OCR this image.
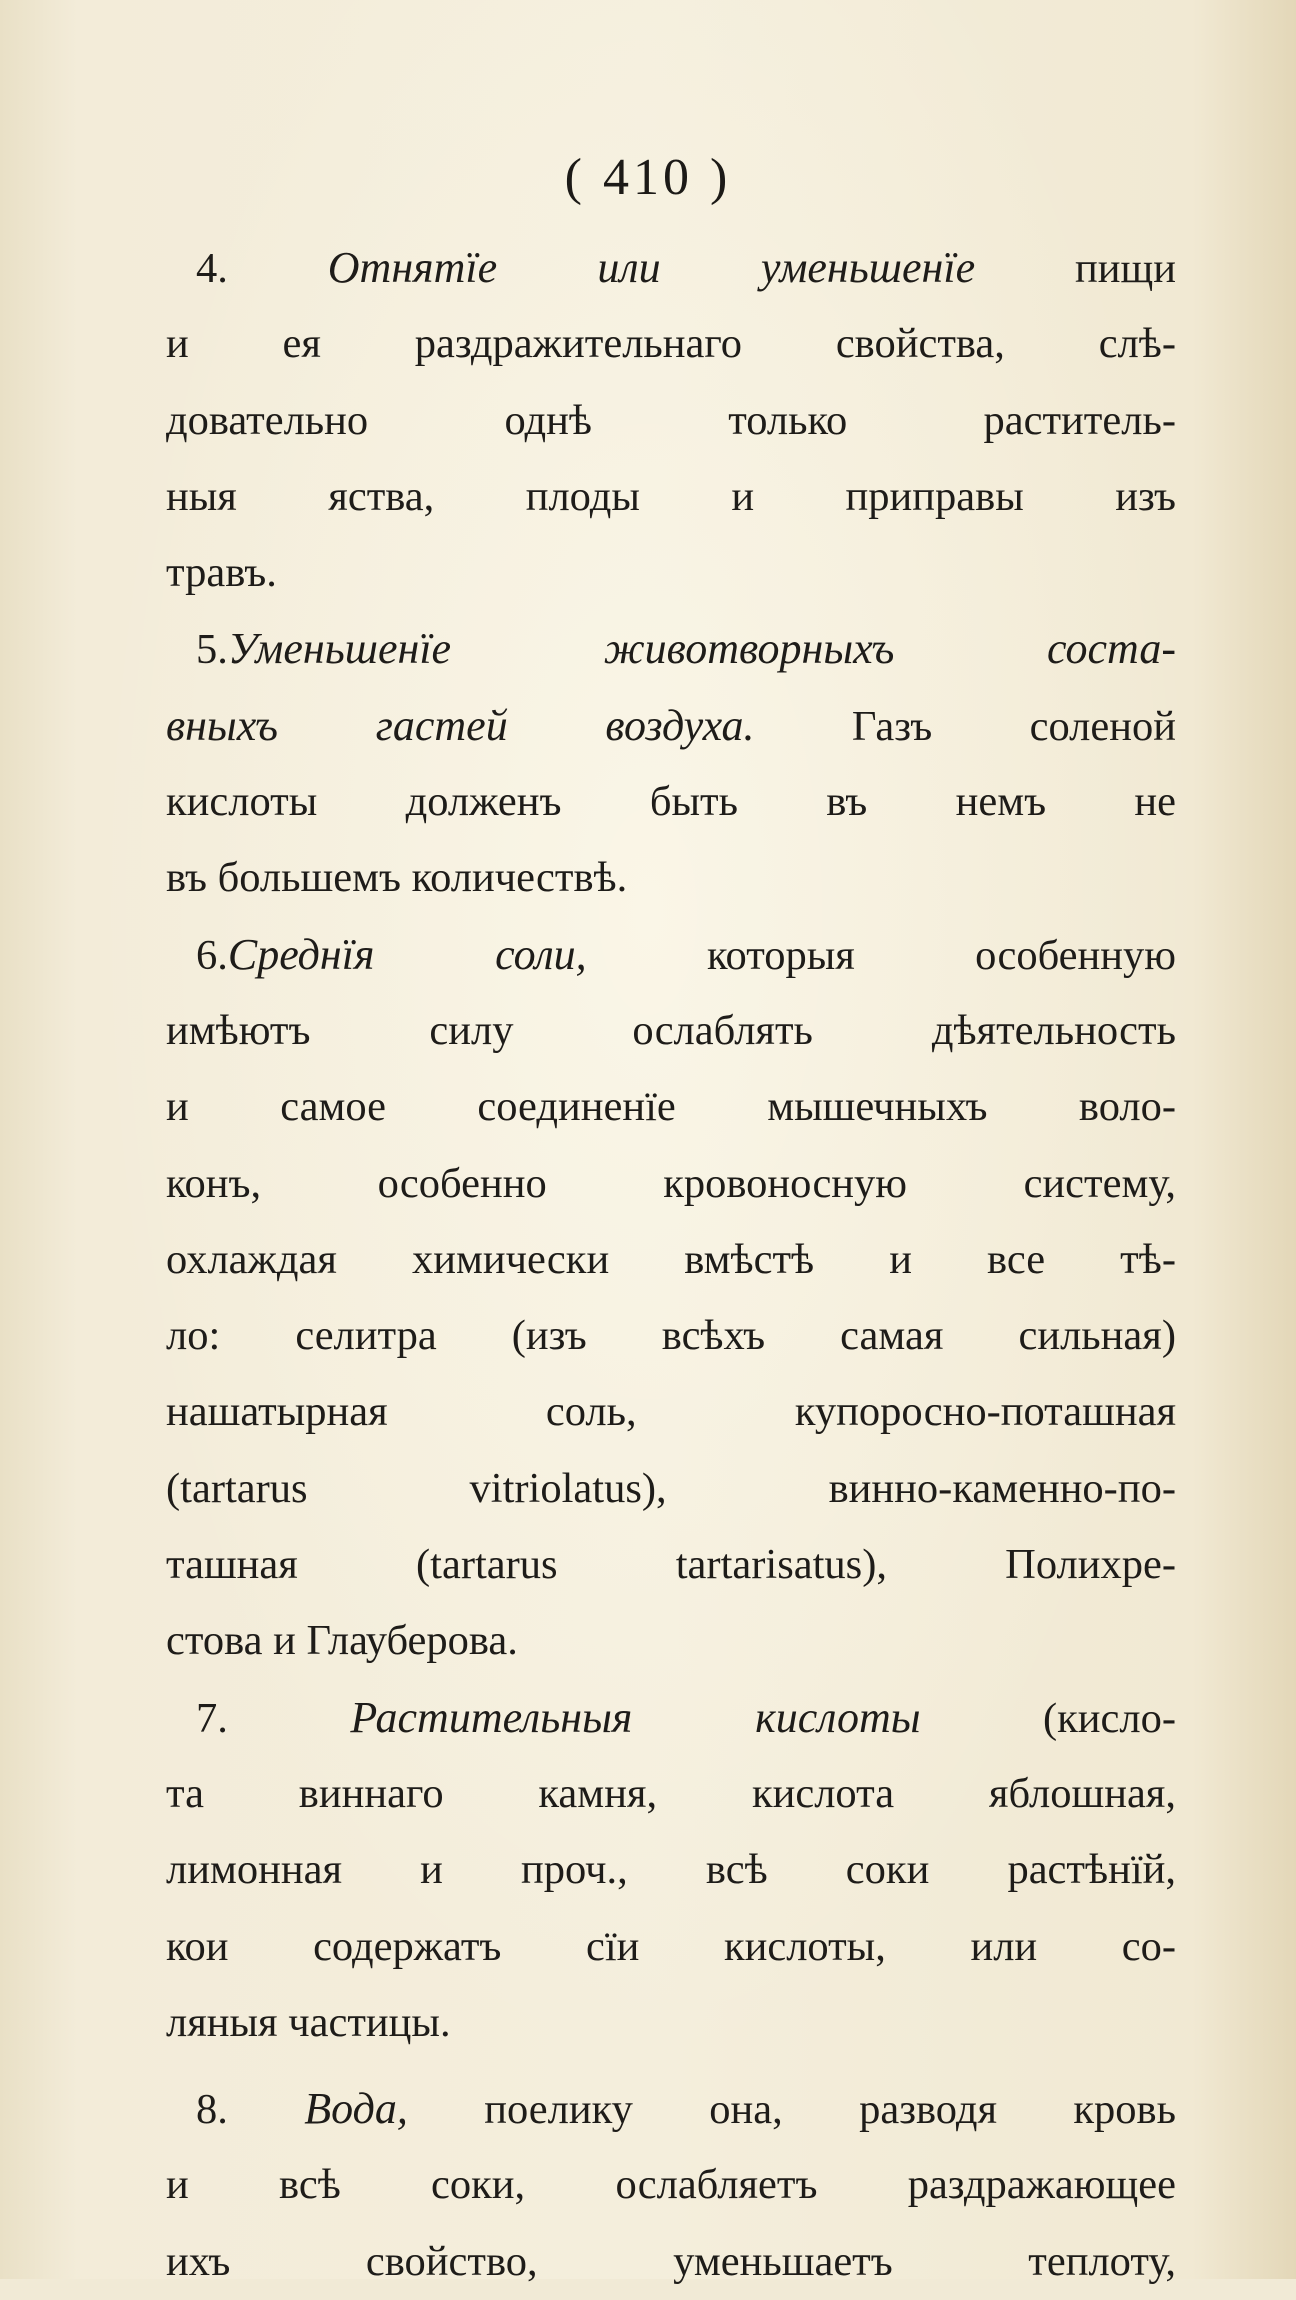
( 410 )
4. Отнятїе или уменьшенїе пищи
и ея раздражительнаго свойства, слѣ-
довательно однѣ только раститель-
ныя яства, плоды и приправы изъ
травъ.
5.Уменьшенїе животворныхъ соста-
вныхъ гастей воздуха. Газъ соленой
кислоты долженъ быть въ немъ не
въ большемъ количествѣ.
6.Среднїя соли, которыя особенную
имѣютъ силу ослаблять дѣятельность
и самое соединенїе мышечныхъ воло-
конъ, особенно кровоносную систему,
охлаждая химически вмѣстѣ и все тѣ-
ло: селитра (изъ всѣхъ самая сильная)
нашатырная соль, купоросно-поташная
(tartarus vitriolatus), винно-каменно-по-
ташная (tartarus tartarisatus), Полихре-
стова и Глауберова.
7.	Растительныя кислоты (кисло-
та виннаго камня, кислота яблошная,
лимонная и проч., всѣ соки растѣнїй,
кои содержатъ сїи кислоты, или со-
ляныя частицы.
8. Вода, поелику она, разводя кровь
и всѣ соки, ослабляетъ раздражающее
ихъ свойство, уменьшаетъ теплоту,
